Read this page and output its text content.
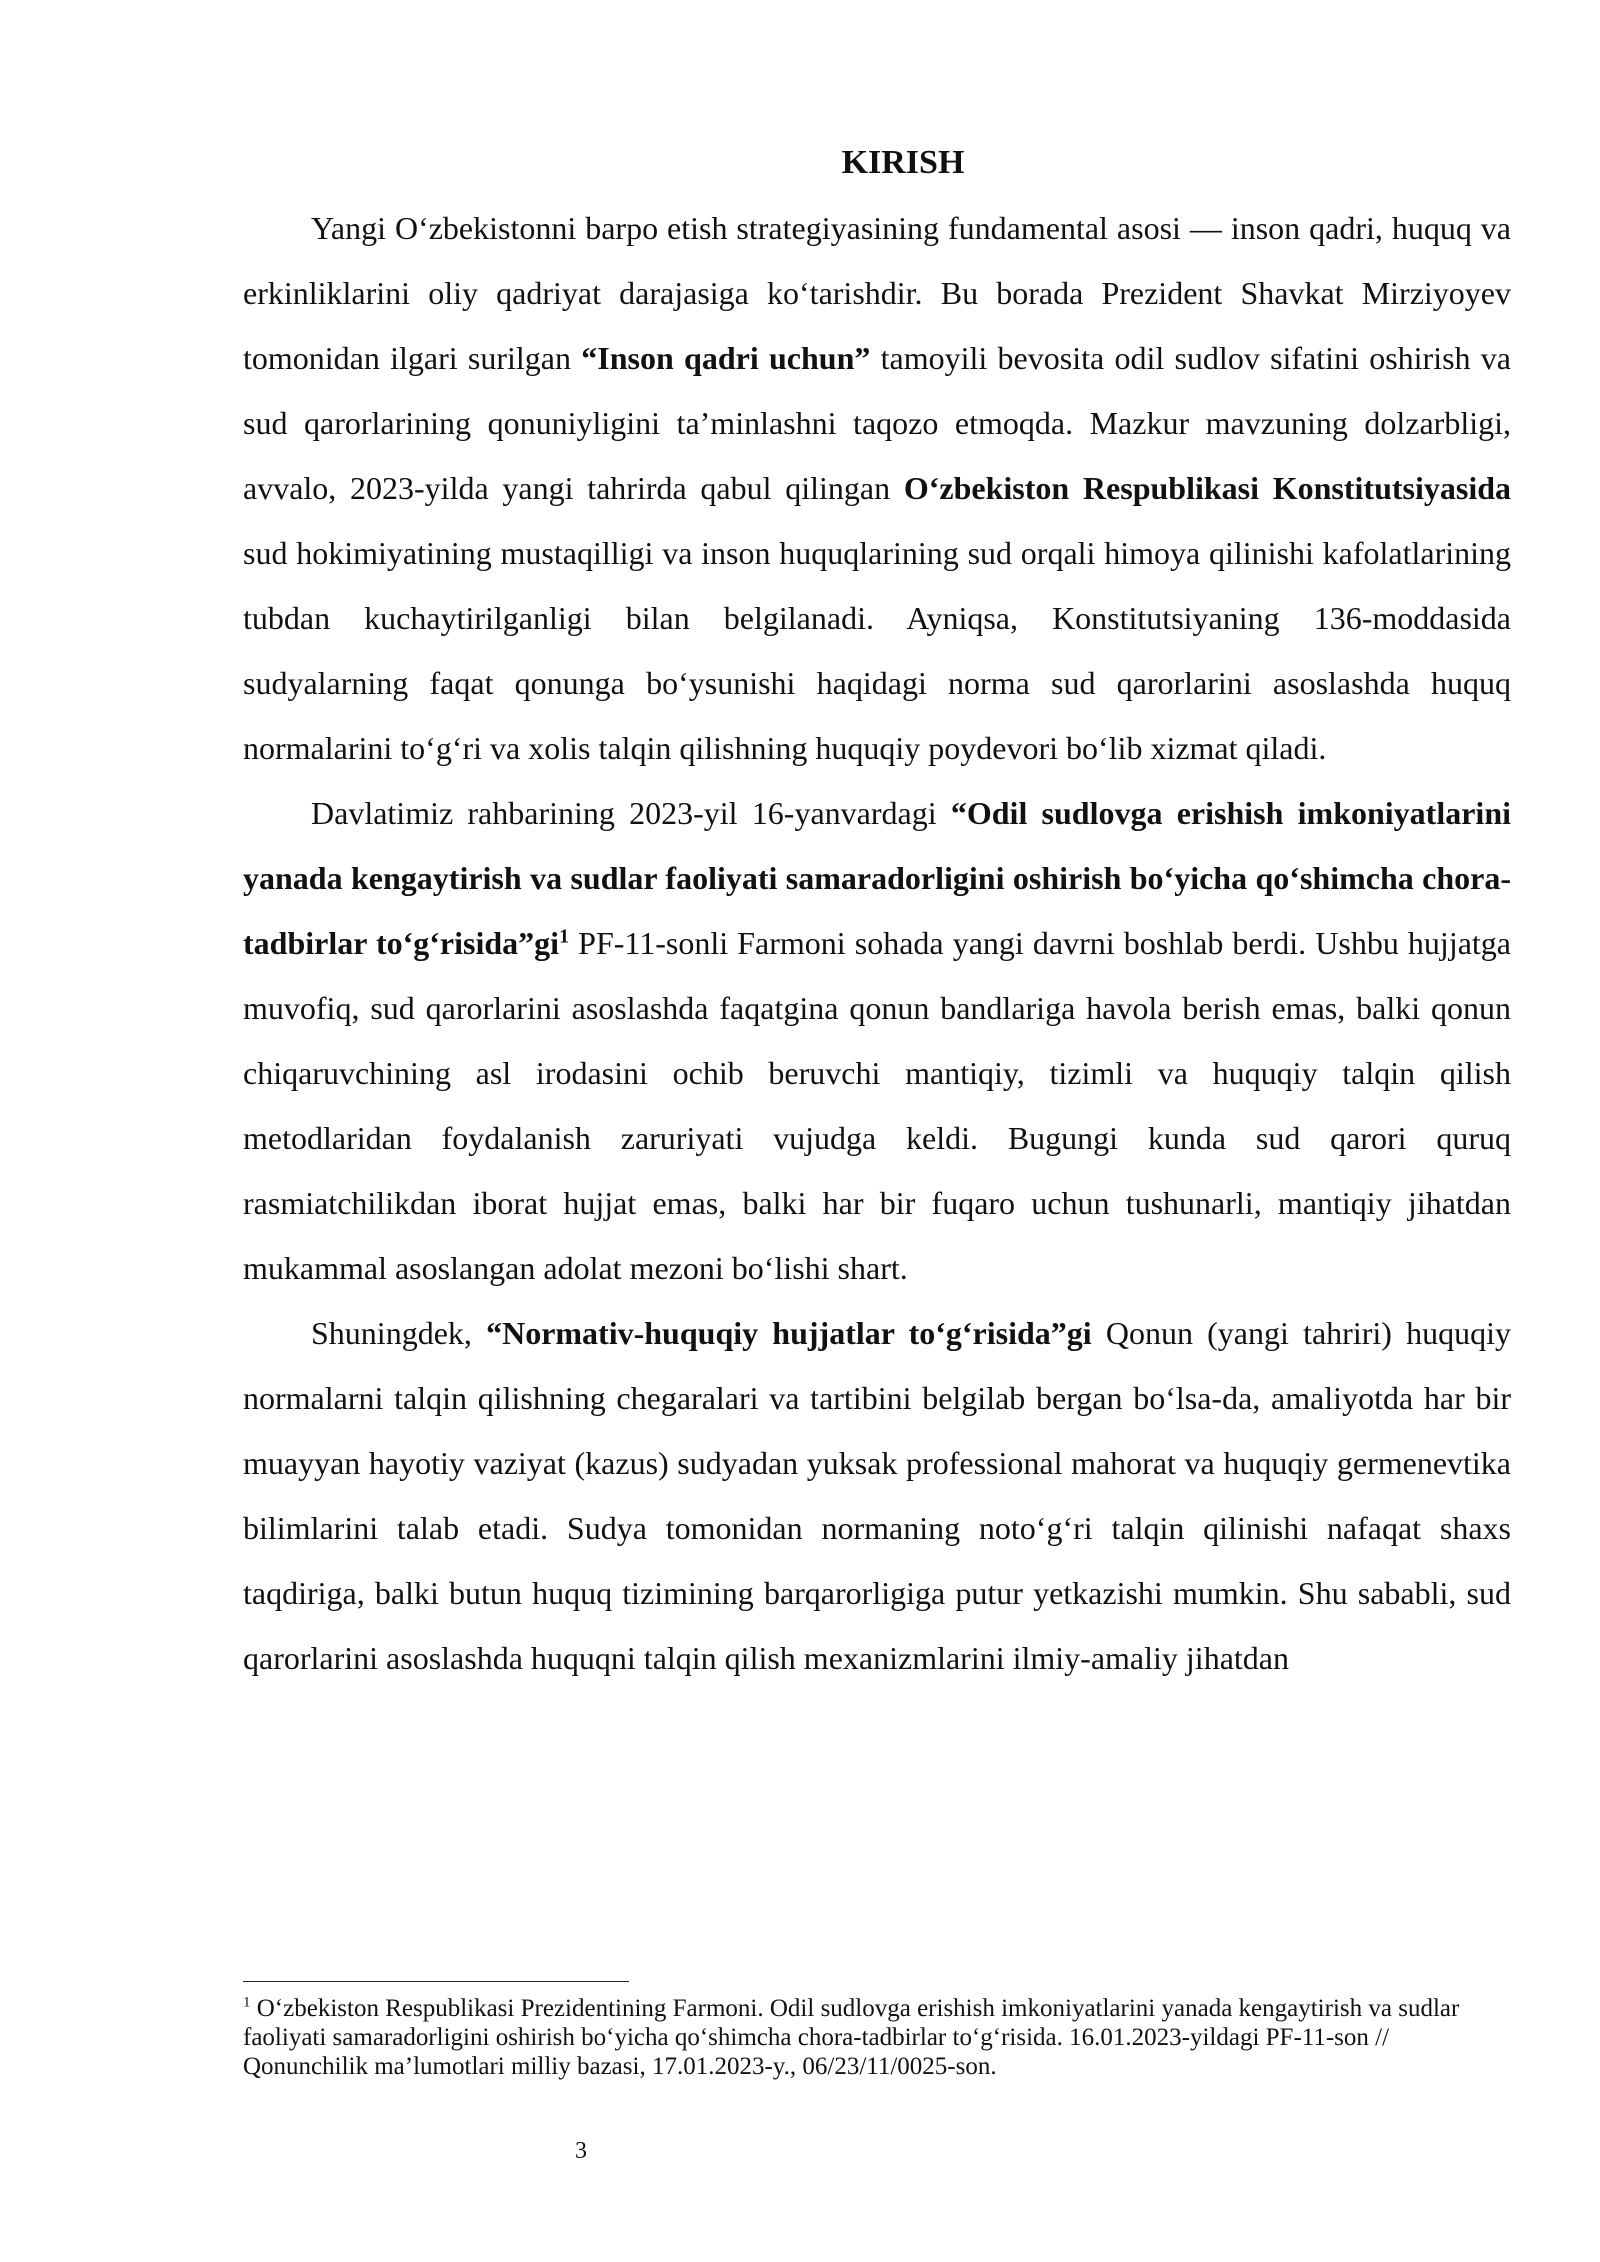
KIRISH

Yangi O‘zbekistonni barpo etish strategiyasining fundamental asosi — inson qadri, huquq va erkinliklarini oliy qadriyat darajasiga ko‘tarishdir. Bu borada Prezident Shavkat Mirziyoyev tomonidan ilgari surilgan “Inson qadri uchun” tamoyili bevosita odil sudlov sifatini oshirish va sud qarorlarining qonuniyligini ta’minlashni taqozo etmoqda. Mazkur mavzuning dolzarbligi, avvalo, 2023-yilda yangi tahrirda qabul qilingan O‘zbekiston Respublikasi Konstitutsiyasida sud hokimiyatining mustaqilligi va inson huquqlarining sud orqali himoya qilinishi kafolatlarining tubdan kuchaytirilganligi bilan belgilanadi. Ayniqsa, Konstitutsiyaning 136-moddasida sudyalarning faqat qonunga bo‘ysunishi haqidagi norma sud qarorlarini asoslashda huquq normalarini to‘g‘ri va xolis talqin qilishning huquqiy poydevori bo‘lib xizmat qiladi.

Davlatimiz rahbarining 2023-yil 16-yanvardagi “Odil sudlovga erishish imkoniyatlarini yanada kengaytirish va sudlar faoliyati samaradorligini oshirish bo‘yicha qo‘shimcha chora-tadbirlar to‘g‘risida”gi$^1$ PF-11-sonli Farmoni sohada yangi davrni boshlab berdi. Ushbu hujjatga muvofiq, sud qarorlarini asoslashda faqatgina qonun bandlariga havola berish emas, balki qonun chiqaruvchining asl irodasini ochib beruvchi mantiqiy, tizimli va huquqiy talqin qilish metodlaridan foydalanish zaruriyati vujudga keldi. Bugungi kunda sud qarori quruq rasmiatchilikdan iborat hujjat emas, balki har bir fuqaro uchun tushunarli, mantiqiy jihatdan mukammal asoslangan adolat mezoni bo‘lishi shart.

Shuningdek, “Normativ-huquqiy hujjatlar to‘g‘risida”gi Qonun (yangi tahriri) huquqiy normalarni talqin qilishning chegaralari va tartibini belgilab bergan bo‘lsa-da, amaliyotda har bir muayyan hayotiy vaziyat (kazus) sudyadan yuksak professional mahorat va huquqiy germenevtika bilimlarini talab etadi. Sudya tomonidan normaning noto‘g‘ri talqin qilinishi nafaqat shaxs taqdiriga, balki butun huquq tizimining barqarorligiga putur yetkazishi mumkin. Shu sababli, sud qarorlarini asoslashda huquqni talqin qilish mexanizmlarini ilmiy-amaliy jihatdan

$^1$ O‘zbekiston Respublikasi Prezidentining Farmoni. Odil sudlovga erishish imkoniyatlarini yanada kengaytirish va sudlar faoliyati samaradorligini oshirish bo‘yicha qo‘shimcha chora-tadbirlar to‘g‘risida. 16.01.2023-yildagi PF-11-son // Qonunchilik ma’lumotlari milliy bazasi, 17.01.2023-y., 06/23/11/0025-son.
3
